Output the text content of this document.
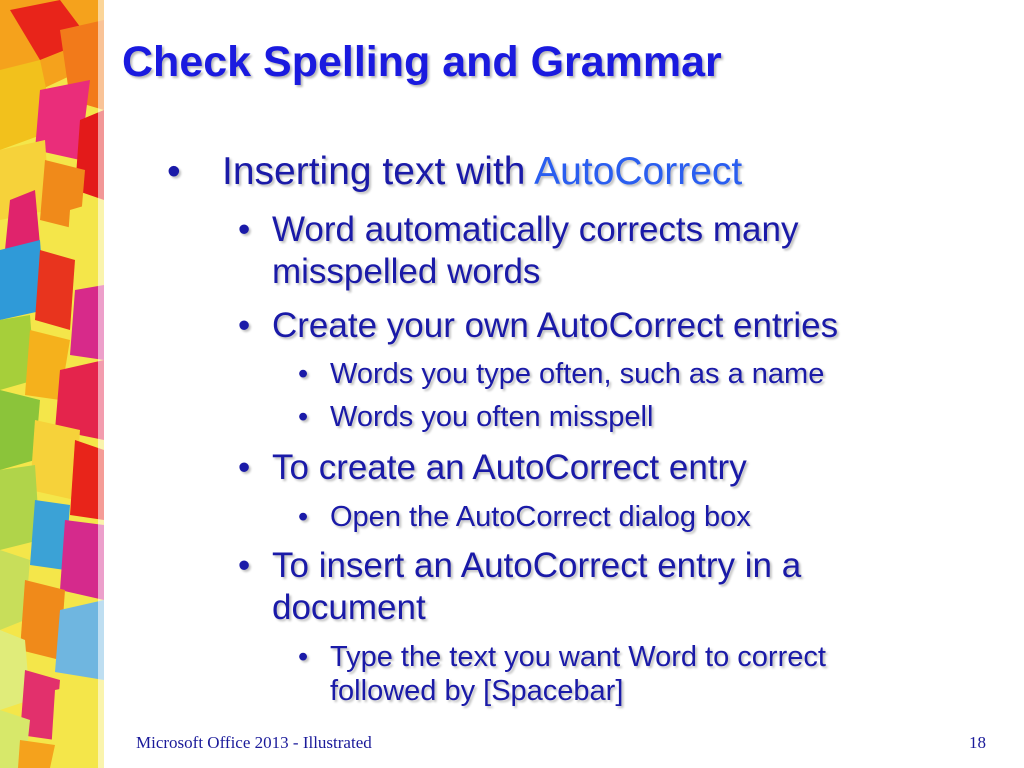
Check Spelling and Grammar
• Inserting text with AutoCorrect
• Word automatically corrects many
misspelled words
• Create your own AutoCorrect entries
• Words you type often, such as a name
• Words you often misspell
• To create an AutoCorrect entry
• Open the AutoCorrect dialog box
• To insert an AutoCorrect entry in a
document
• Type the text you want Word to correct
followed by [Spacebar]
Microsoft Office 2013 - Illustrated	18
